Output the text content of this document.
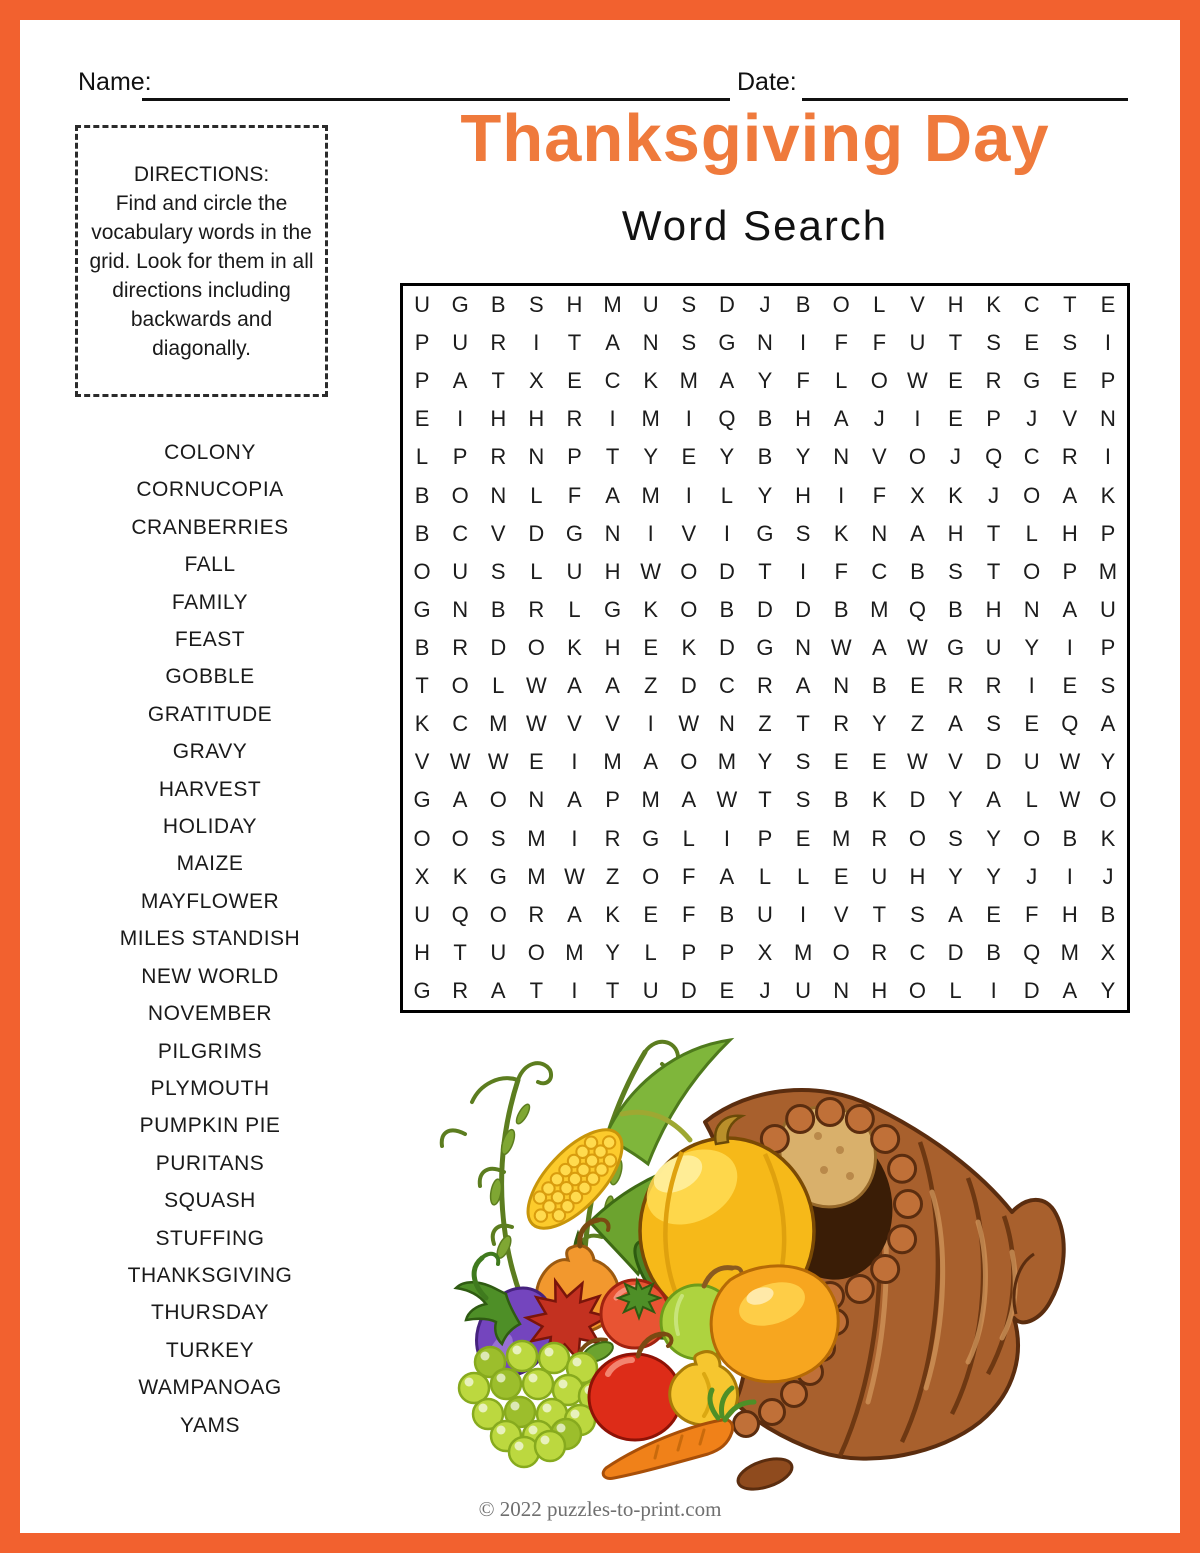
Name:	Date:
Thanksgiving Day
Word Search
DIRECTIONS:
Find and circle the vocabulary words in the grid. Look for them in all directions including backwards and diagonally.
COLONY
CORNUCOPIA
CRANBERRIES
FALL
FAMILY
FEAST
GOBBLE
GRATITUDE
GRAVY
HARVEST
HOLIDAY
MAIZE
MAYFLOWER
MILES STANDISH
NEW WORLD
NOVEMBER
PILGRIMS
PLYMOUTH
PUMPKIN PIE
PURITANS
SQUASH
STUFFING
THANKSGIVING
THURSDAY
TURKEY
WAMPANOAG
YAMS
U G	B	S	H M U	S	D	J	B	O	L	V	H	K	C	T	E
P	U	R	I	T	A	N	S	G N	I	F	F	U	T	S	E	S	I
P	A	T	X	E	C	K M A	Y	F	L	O W E	R G	E	P
E	I	H	H	R	I	M	I	Q	B	H	A	J	I	E	P	J	V	N
L	P	R	N	P	T	Y	E	Y	B	Y	N	V	O	J	Q C	R	I
B	O N	L	F	A M	I	L	Y	H	I	F	X	K	J	O	A	K
B	C	V	D G N	I	V	I	G	S	K	N	A	H	T	L	H	P
O U	S	L	U	H W O D	T	I	F	C	B	S	T	O	P M
G N	B	R	L	G	K	O	B	D	D	B M Q	B	H	N	A	U
B	R	D O	K	H	E	K	D G N W A W G U	Y	I	P
T	O	L W A	A	Z	D	C	R	A	N	B	E	R	R	I	E	S
K	C M W V	V	I	W N	Z	T	R	Y	Z	A	S	E	Q	A
V W W E	I	M A	O M Y	S	E	E W V	D	U W Y
G	A	O N	A	P M A W T	S	B	K	D	Y	A	L W O
O O	S M	I	R G	L	I	P	E M R O	S	Y	O	B	K
X	K	G M W Z	O	F	A	L	L	E	U	H	Y	Y	J	I	J
U Q O R	A	K	E	F	B	U	I	V	T	S	A	E	F	H	B
H	T	U O M Y	L	P	P	X M O R	C	D	B	Q M X
G R	A	T	I	T	U	D	E	J	U	N	H O	L	I	D	A	Y
© 2022 puzzles-to-print.com
